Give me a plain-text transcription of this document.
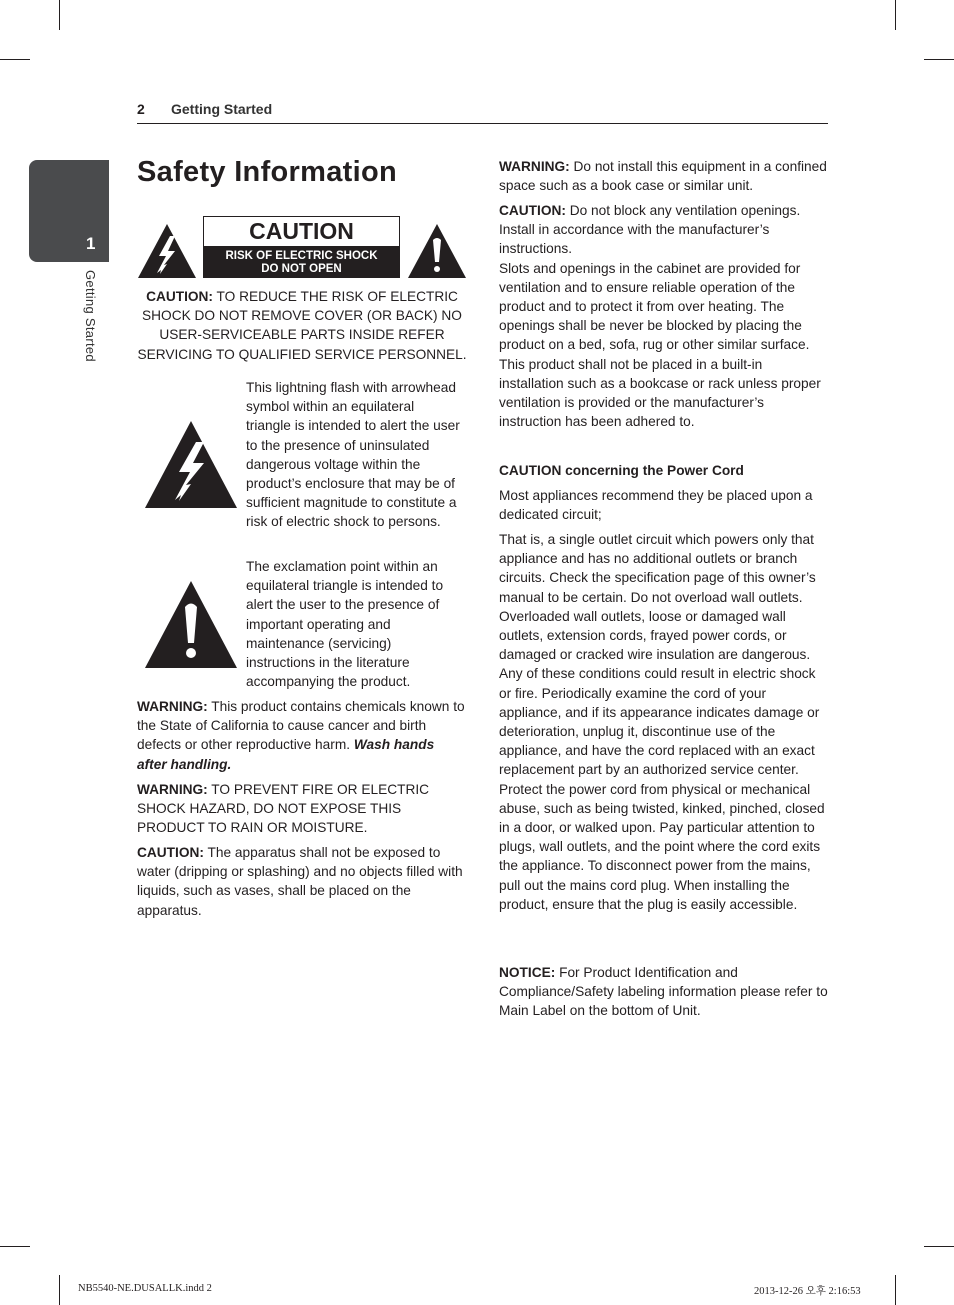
2 Getting Started
1
Getting Started
Safety Information
CAUTION
RISK OF ELECTRIC SHOCK
DO NOT OPEN
CAUTION: TO REDUCE THE RISK OF ELECTRIC SHOCK DO NOT REMOVE COVER (OR BACK) NO USER-SERVICEABLE PARTS INSIDE REFER SERVICING TO QUALIFIED SERVICE PERSONNEL.
This lightning flash with arrowhead symbol within an equilateral triangle is intended to alert the user to the presence of uninsulated dangerous voltage within the product’s enclosure that may be of sufficient magnitude to constitute a risk of electric shock to persons.
The exclamation point within an equilateral triangle is intended to alert the user to the presence of important operating and maintenance (servicing) instructions in the literature accompanying the product.
WARNING: This product contains chemicals known to the State of California to cause cancer and birth defects or other reproductive harm. Wash hands after handling.
WARNING: TO PREVENT FIRE OR ELECTRIC SHOCK HAZARD, DO NOT EXPOSE THIS PRODUCT TO RAIN OR MOISTURE.
CAUTION: The apparatus shall not be exposed to water (dripping or splashing) and no objects filled with liquids, such as vases, shall be placed on the apparatus.
WARNING: Do not install this equipment in a confined space such as a book case or similar unit.
CAUTION: Do not block any ventilation openings. Install in accordance with the manufacturer’s instructions.
Slots and openings in the cabinet are provided for ventilation and to ensure reliable operation of the product and to protect it from over heating. The openings shall be never be blocked by placing the product on a bed, sofa, rug or other similar surface. This product shall not be placed in a built-in installation such as a bookcase or rack unless proper ventilation is provided or the manufacturer’s instruction has been adhered to.
CAUTION concerning the Power Cord
Most appliances recommend they be placed upon a dedicated circuit;
That is, a single outlet circuit which powers only that appliance and has no additional outlets or branch circuits. Check the specification page of this owner’s manual to be certain. Do not overload wall outlets. Overloaded wall outlets, loose or damaged wall outlets, extension cords, frayed power cords, or damaged or cracked wire insulation are dangerous. Any of these conditions could result in electric shock or fire. Periodically examine the cord of your appliance, and if its appearance indicates damage or deterioration, unplug it, discontinue use of the appliance, and have the cord replaced with an exact replacement part by an authorized service center. Protect the power cord from physical or mechanical abuse, such as being twisted, kinked, pinched, closed in a door, or walked upon. Pay particular attention to plugs, wall outlets, and the point where the cord exits the appliance. To disconnect power from the mains, pull out the mains cord plug. When installing the product, ensure that the plug is easily accessible.
NOTICE: For Product Identification and Compliance/Safety labeling information please refer to Main Label on the bottom of Unit.
NB5540-NE.DUSALLK.indd 2	2013-12-26 오후 2:16:53
